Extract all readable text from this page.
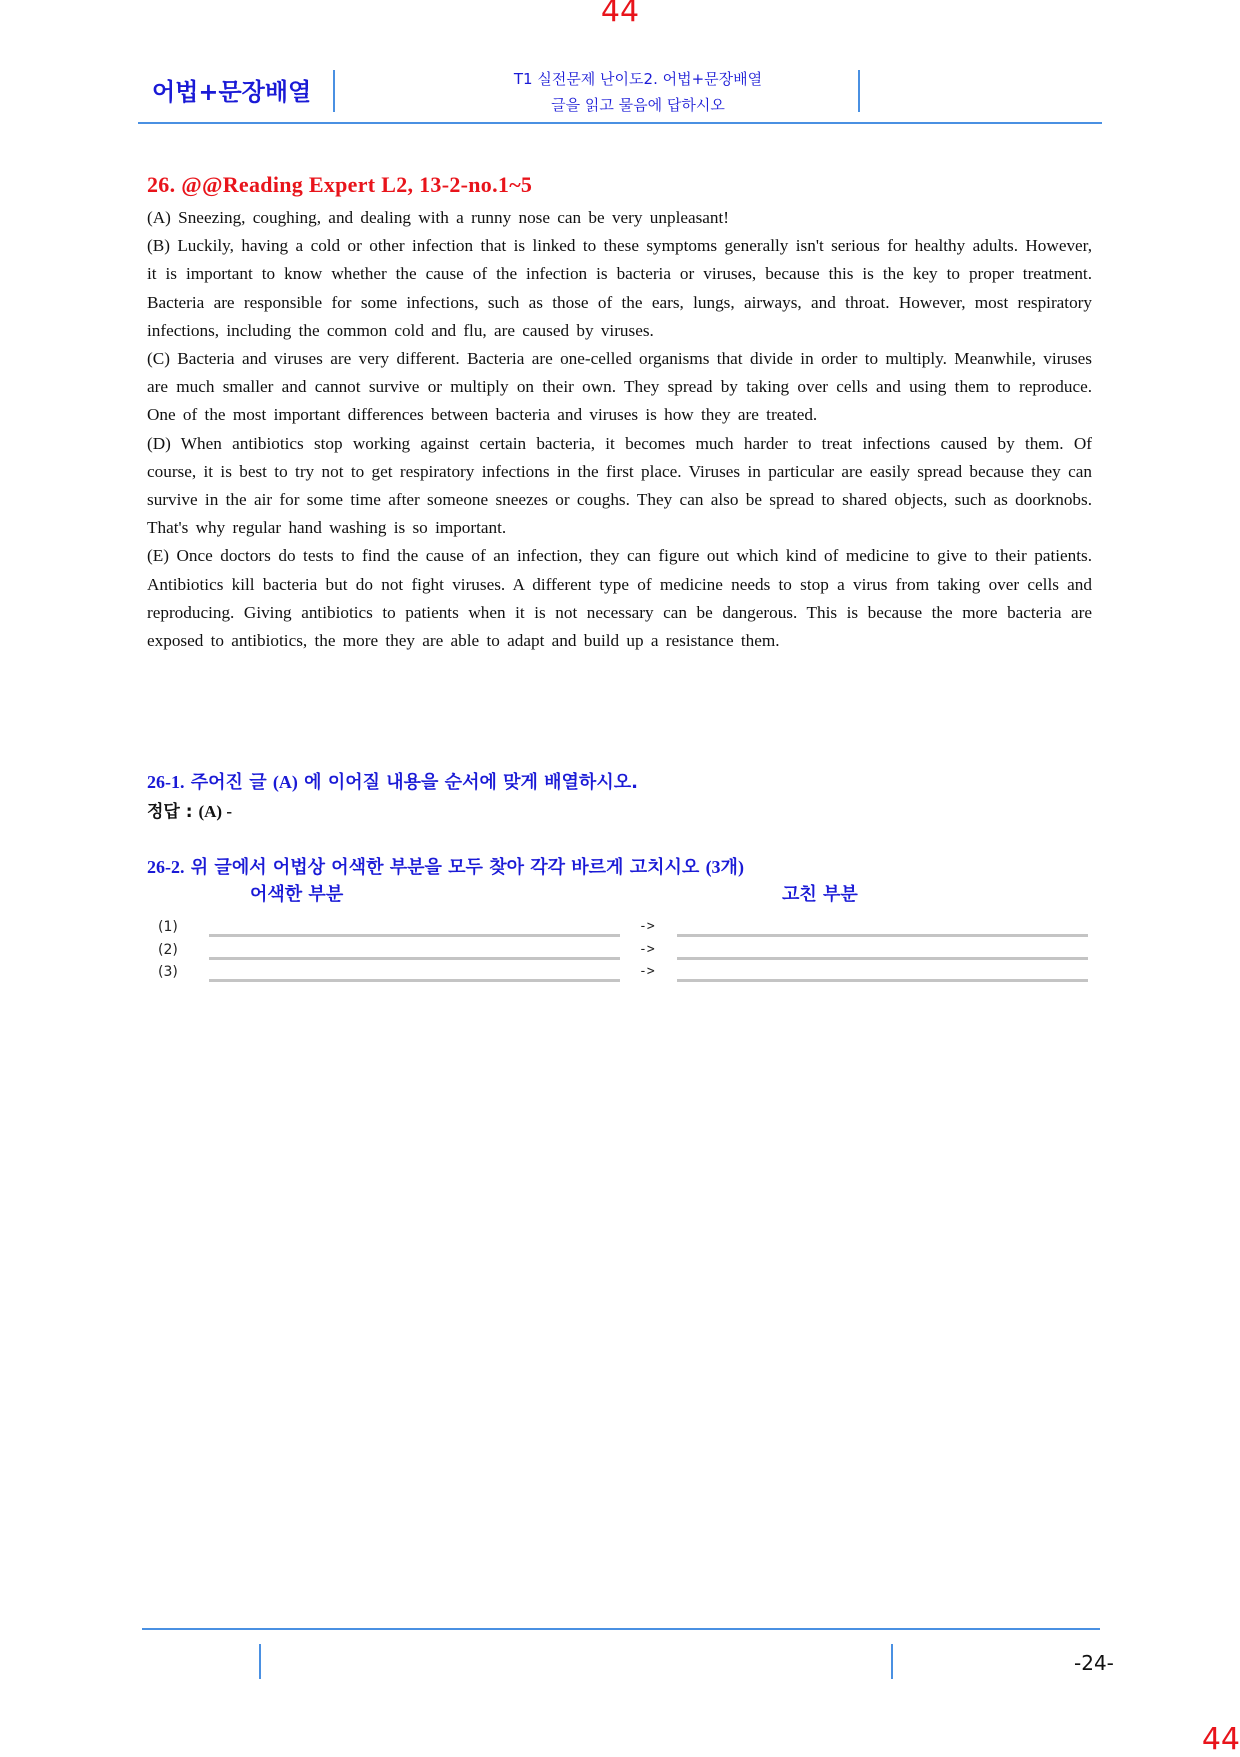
44
어법+문장배열	T1 실전문제 난이도2. 어법+문장배열
글을 읽고 물음에 답하시오
26. @@Reading Expert L2, 13-2-no.1~5

(A) Sneezing, coughing, and dealing with a runny nose can be very unpleasant!

(B) Luckily, having a cold or other infection that is linked to these symptoms generally isn't serious for healthy adults. However, it is important to know whether the cause of the infection is bacteria or viruses, because this is the key to proper treatment. Bacteria are responsible for some infections, such as those of the ears, lungs, airways, and throat. However, most respiratory infections, including the common cold and flu, are caused by viruses.

(C) Bacteria and viruses are very different. Bacteria are one-celled organisms that divide in order to multiply. Meanwhile, viruses are much smaller and cannot survive or multiply on their own. They spread by taking over cells and using them to reproduce. One of the most important differences between bacteria and viruses is how they are treated.

(D) When antibiotics stop working against certain bacteria, it becomes much harder to treat infections caused by them. Of course, it is best to try not to get respiratory infections in the first place. Viruses in particular are easily spread because they can survive in the air for some time after someone sneezes or coughs. They can also be spread to shared objects, such as doorknobs. That's why regular hand washing is so important.

(E) Once doctors do tests to find the cause of an infection, they can figure out which kind of medicine to give to their patients. Antibiotics kill bacteria but do not fight viruses. A different type of medicine needs to stop a virus from taking over cells and reproducing. Giving antibiotics to patients when it is not necessary can be dangerous. This is because the more bacteria are exposed to antibiotics, the more they are able to adapt and build up a resistance them.

26-1. 주어진 글 (A) 에 이어질 내용을 순서에 맞게 배열하시오.
정답 : (A) -
26-2. 위 글에서 어법상 어색한 부분을 모두 찾아 각각 바르게 고치시오 (3개)
어색한 부분	고친 부분
(1)	->
(2)	->
(3)	->
-24-
44
